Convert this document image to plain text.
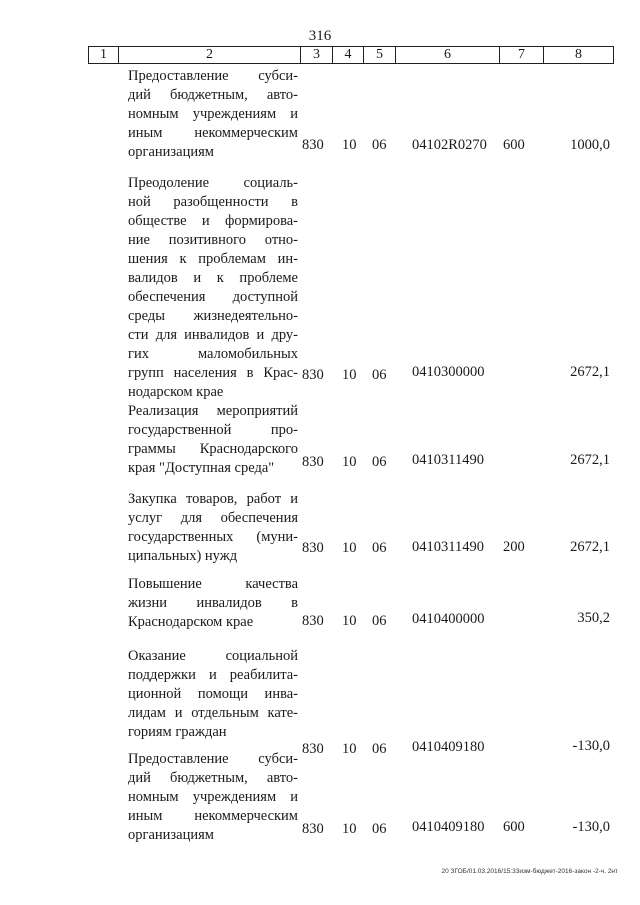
316
1	2	3	4	5	6	7	8
Предоставление субси-
дий бюджетным, авто-
номным учреждениям и
иным некоммерческим
организациям	830 10 06 04102R0270 600	1000,0
Преодоление социаль-
ной разобщенности в
обществе и формирова-
ние позитивного отно-
шения к проблемам ин-
валидов и к проблеме
обеспечения доступной
среды жизнедеятельно-
сти для инвалидов и дру-
гих маломобильных
групп населения в Крас-
нодарском крае
830 10 06 0410300000	2672,1
Реализация мероприятий
государственной про-
граммы Краснодарского
края "Доступная среда"	830 10 06 0410311490	2672,1
Закупка товаров, работ и
услуг для обеспечения
государственных (муни-
ципальных) нужд	830 10 06 0410311490 200	2672,1
Повышение качества
жизни инвалидов в
Краснодарском крае	830 10 06 0410400000	350,2
Оказание социальной
поддержки и реабилита-
ционной помощи инва-
лидам и отдельным кате-
гориям граждан
830 10 06 0410409180	-130,0
Предоставление субси-
дий бюджетным, авто-
номным учреждениям и
иным некоммерческим
организациям	830 10 06 0410409180 600	-130,0
20 ЗГОБ/01.03.2016/15:33изм-бюджет-2016-закон -2-ч. 2нт
